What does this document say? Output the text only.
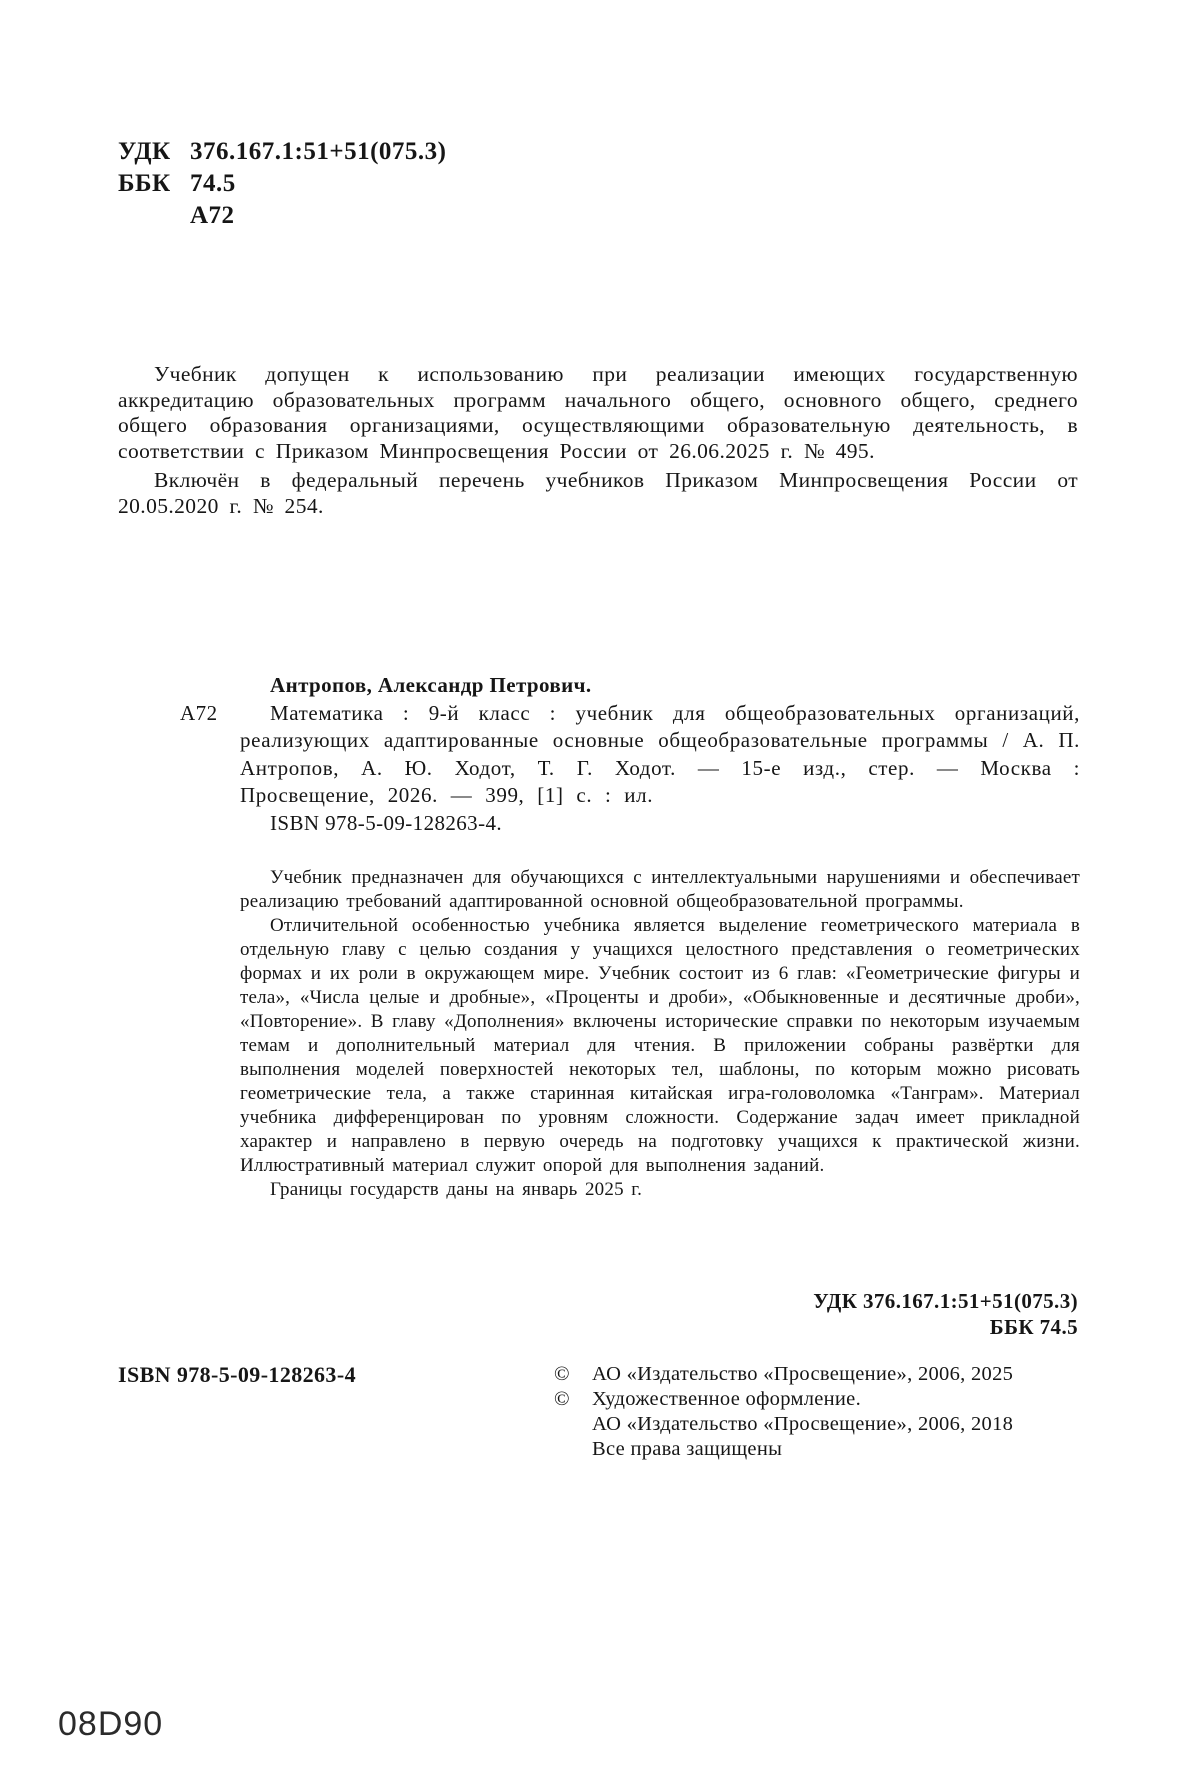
УДК 376.167.1:51+51(075.3)
ББК 74.5
А72

Учебник допущен к использованию при реализации имеющих государственную аккредитацию образовательных программ начального общего, основного общего, среднего общего образования организациями, осуществляющими образовательную деятельность, в соответствии с Приказом Минпросвещения России от 26.06.2025 г. № 495.

Включён в федеральный перечень учебников Приказом Минпросвещения России от 20.05.2020 г. № 254.

Антропов, Александр Петрович.

А72 Математика : 9-й класс : учебник для общеобразовательных организаций, реализующих адаптированные основные общеобразовательные программы / А. П. Антропов, А. Ю. Ходот, Т. Г. Ходот. — 15-е изд., стер. — Москва : Просвещение, 2026. — 399, [1] с. : ил.

ISBN 978-5-09-128263-4.

Учебник предназначен для обучающихся с интеллектуальными нарушениями и обеспечивает реализацию требований адаптированной основной общеобразовательной программы.

Отличительной особенностью учебника является выделение геометрического материала в отдельную главу с целью создания у учащихся целостного представления о геометрических формах и их роли в окружающем мире. Учебник состоит из 6 глав: «Геометрические фигуры и тела», «Числа целые и дробные», «Проценты и дроби», «Обыкновенные и десятичные дроби», «Повторение». В главу «Дополнения» включены исторические справки по некоторым изучаемым темам и дополнительный материал для чтения. В приложении собраны развёртки для выполнения моделей поверхностей некоторых тел, шаблоны, по которым можно рисовать геометрические тела, а также старинная китайская игра-головоломка «Танграм». Материал учебника дифференцирован по уровням сложности. Содержание задач имеет прикладной характер и направлено в первую очередь на подготовку учащихся к практической жизни. Иллюстративный материал служит опорой для выполнения заданий.

Границы государств даны на январь 2025 г.

УДК 376.167.1:51+51(075.3)
ББК 74.5
ISBN 978-5-09-128263-4	©	АО «Издательство «Просвещение», 2006, 2025
©	Художественное оформление.
АО «Издательство «Просвещение», 2006, 2018
Все права защищены
08D90
